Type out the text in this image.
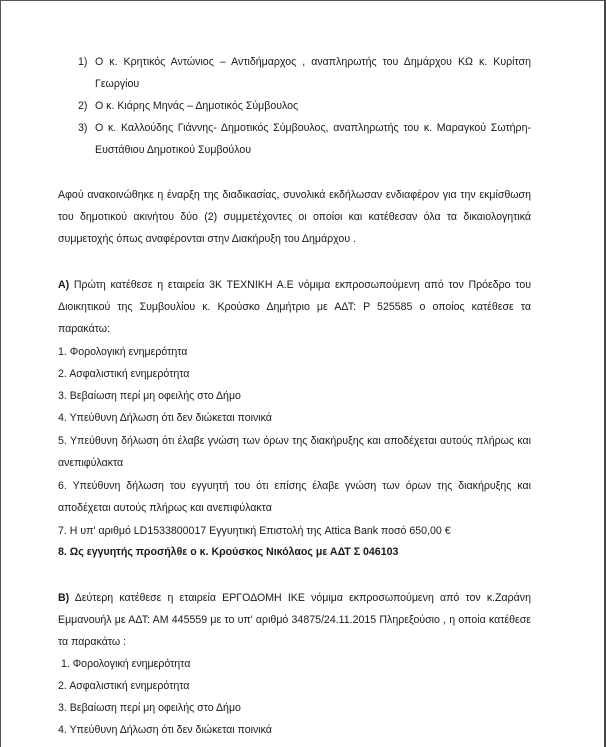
1) Ο κ. Κρητικός Αντώνιος – Αντιδήμαρχος , αναπληρωτής του Δημάρχου ΚΩ κ. Κυρίτση Γεωργίου
2) Ο κ. Κιάρης Μηνάς – Δημοτικός Σύμβουλος
3) Ο κ. Καλλούδης Γιάννης- Δημοτικός Σύμβουλος, αναπληρωτής του κ. Μαραγκού Σωτήρη- Ευστάθιου Δημοτικού Συμβούλου
Αφού ανακοινώθηκε η έναρξη της διαδικασίας, συνολικά εκδήλωσαν ενδιαφέρον για την εκμίσθωση του δημοτικού ακινήτου δύο (2) συμμετέχοντες οι οποίοι και κατέθεσαν όλα τα δικαιολογητικά συμμετοχής όπως αναφέρονται στην Διακήρυξη του Δημάρχου .
Α) Πρώτη κατέθεσε η εταιρεία 3Κ ΤΕΧΝΙΚΗ Α.Ε νόμιμα εκπροσωπούμενη από τον Πρόεδρο του Διοικητικού της Συμβουλίου κ. Κρούσκο Δημήτριο με ΑΔΤ: Ρ 525585 ο οποίος κατέθεσε τα παρακάτω:
1. Φορολογική ενημερότητα
2. Ασφαλιστική ενημερότητα
3. Βεβαίωση περί μη οφειλής στο Δήμο
4. Υπεύθυνη Δήλωση ότι δεν διώκεται ποινικά
5. Υπεύθυνη δήλωση ότι έλαβε γνώση των όρων της διακήρυξης και αποδέχεται αυτούς πλήρως και ανεπιφύλακτα
6. Υπεύθυνη δήλωση του εγγυητή του ότι επίσης έλαβε γνώση των όρων της διακήρυξης και αποδέχεται αυτούς πλήρως και ανεπιφύλακτα
7. Η υπ' αριθμό LD1533800017 Εγγυητική Επιστολή της Attica Bank ποσό 650,00 €
8. Ως εγγυητής προσήλθε ο κ. Κρούσκος Νικόλαος με ΑΔΤ Σ 046103
Β) Δεύτερη κατέθεσε η εταιρεία ΕΡΓΟΔΟΜΗ ΙΚΕ νόμιμα εκπροσωπούμενη από τον κ.Ζαράνη Εμμανουήλ με ΑΔΤ: ΑΜ 445559 με το υπ' αριθμό 34875/24.11.2015 Πληρεξούσιο , η οποία κατέθεσε τα παρακάτω :
1. Φορολογική ενημερότητα
2. Ασφαλιστική ενημερότητα
3. Βεβαίωση περί μη οφειλής στο Δήμο
4. Υπεύθυνη Δήλωση ότι δεν διώκεται ποινικά
